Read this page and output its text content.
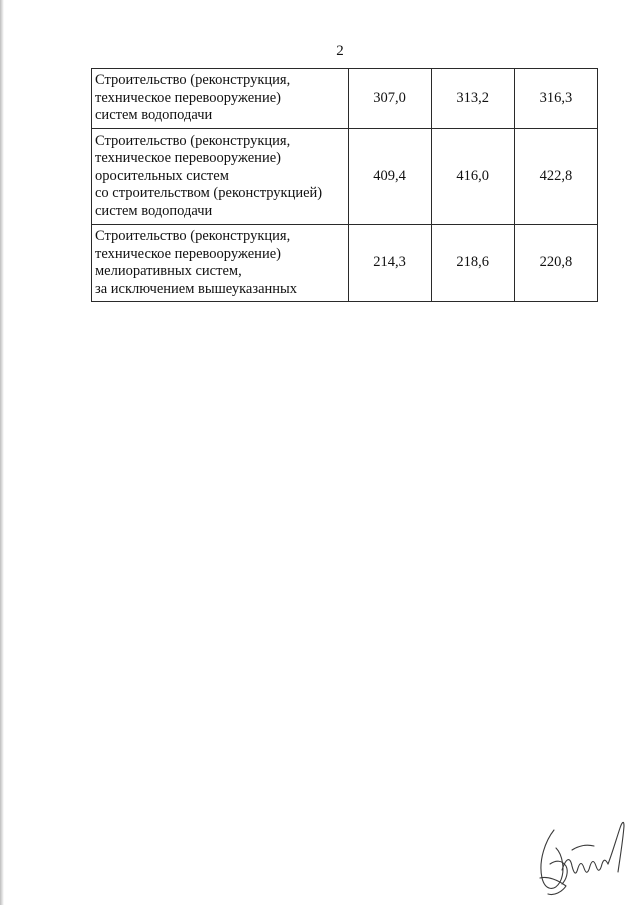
2
Строительство (реконструкция,
техническое перевооружение)
систем водоподачи	307,0	313,2	316,3

Строительство (реконструкция,
техническое перевооружение)
оросительных систем
со строительством (реконструкцией)
систем водоподачи	409,4	416,0	422,8

Строительство (реконструкция,
техническое перевооружение)
мелиоративных систем,
за исключением вышеуказанных	214,3	218,6	220,8
